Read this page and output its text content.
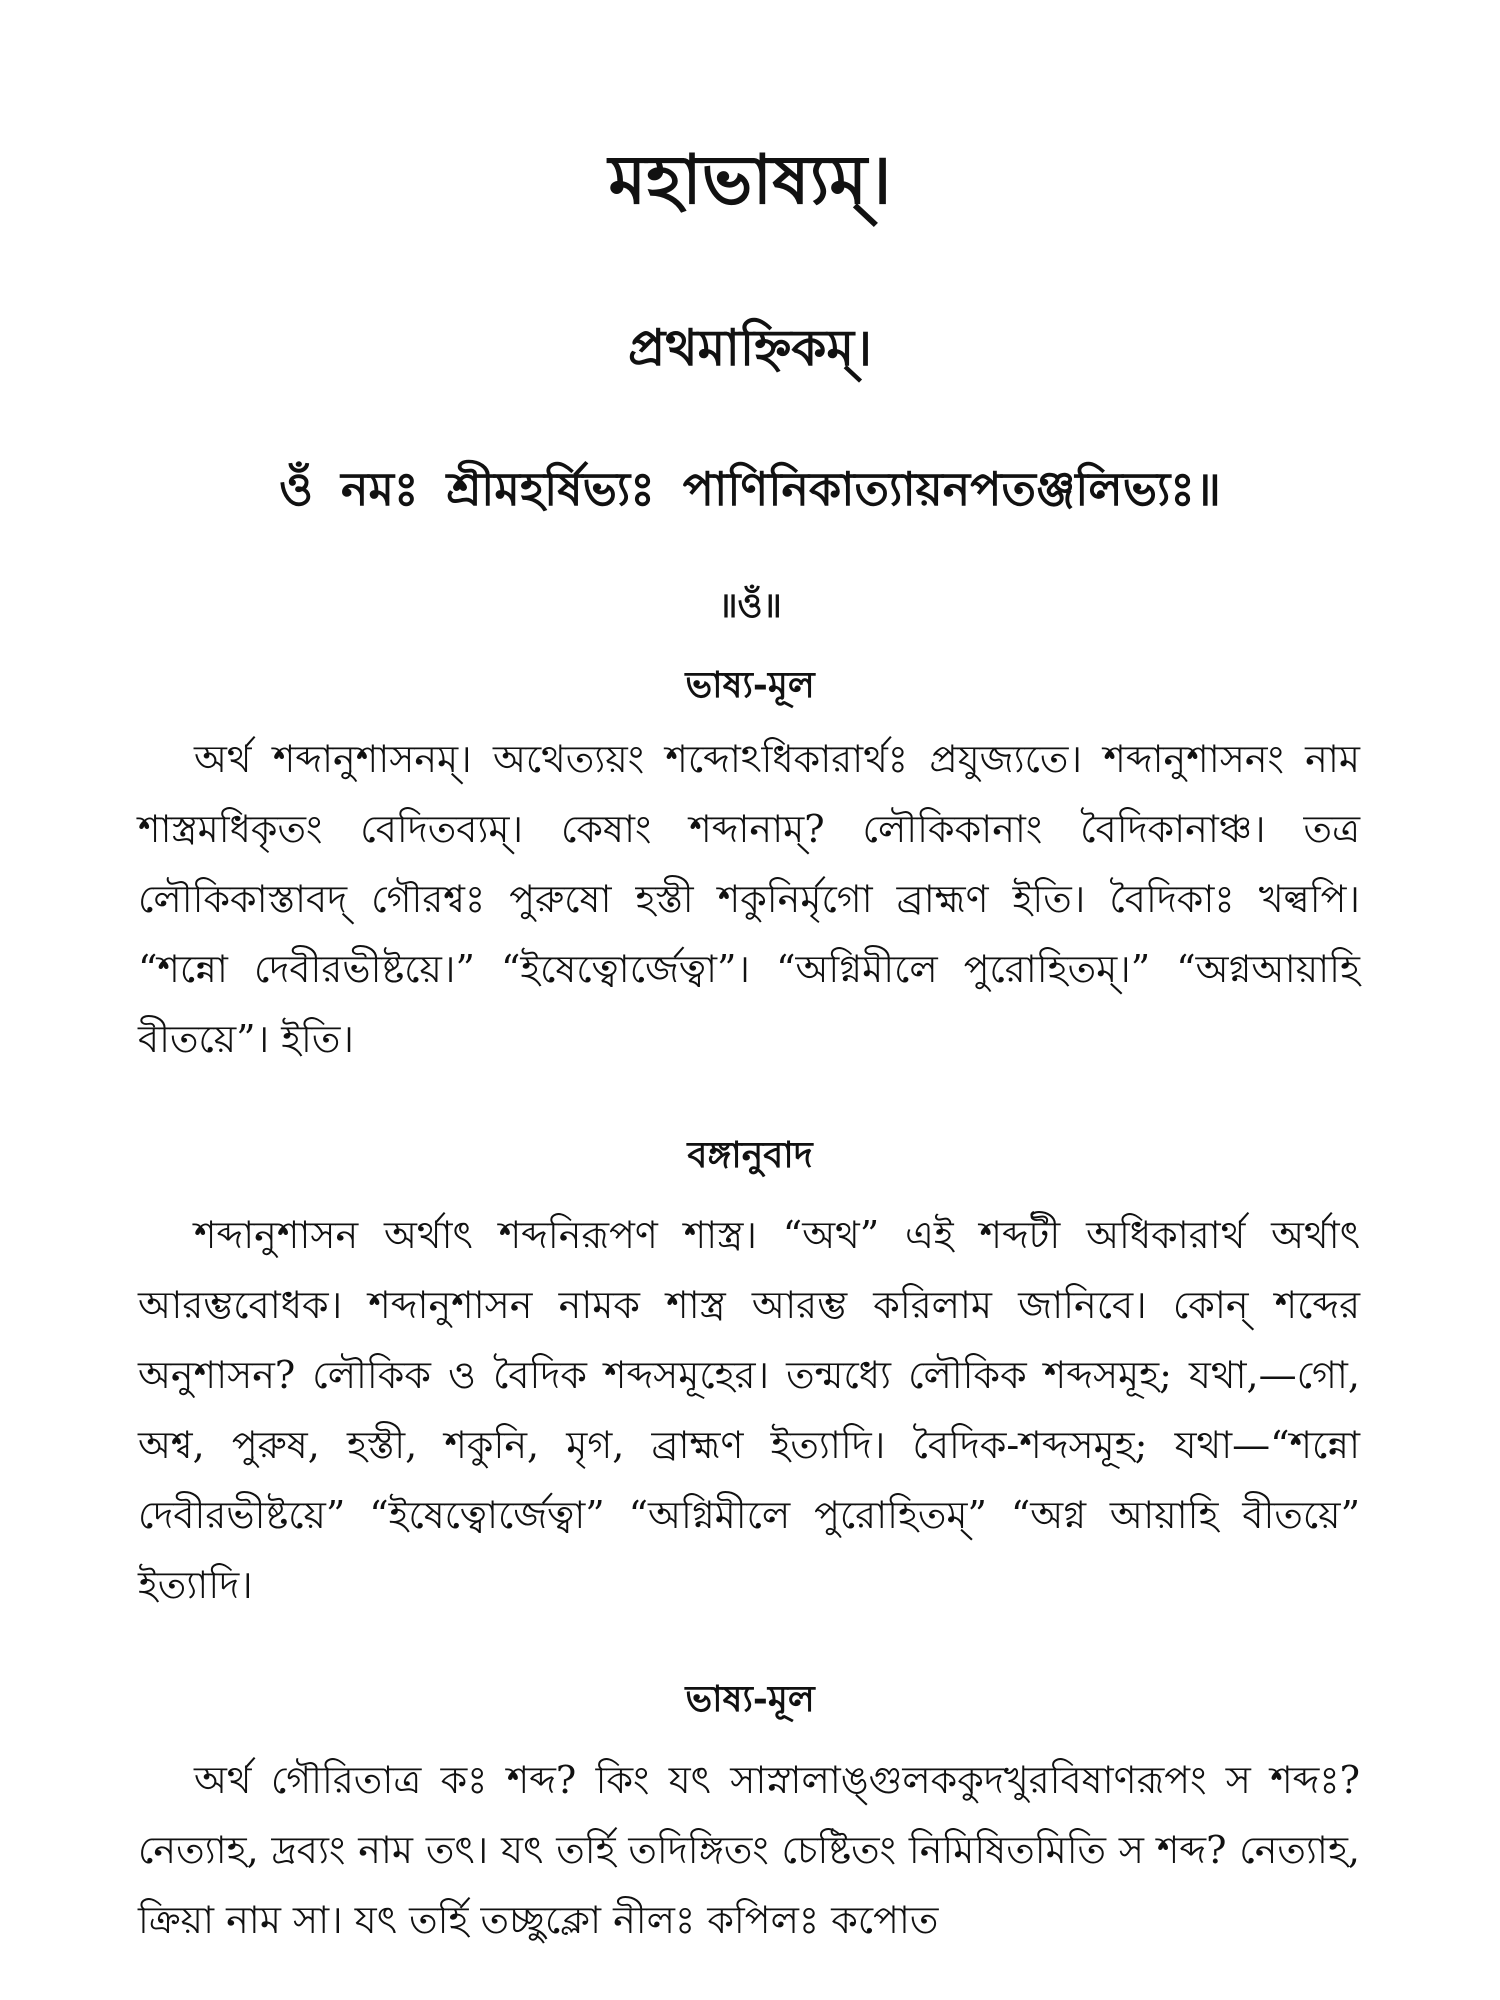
মহাভাষ্যম্।
প্রথমাহ্নিকম্।
ওঁ নমঃ শ্রীমহর্ষিভ্যঃ পাণিনিকাত্যায়নপতঞ্জলিভ্যঃ॥
॥ওঁ॥
ভাষ্য-মূল

অর্থ শব্দানুশাসনম্। অথেত্যয়ং শব্দোঽধিকারার্থঃ প্রযুজ্যতে। শব্দানুশাসনং নাম শাস্ত্রমধিকৃতং বেদিতব্যম্। কেষাং শব্দানাম্? লৌকিকানাং বৈদিকানাঞ্চ। তত্র লৌকিকাস্তাবদ্ গৌরশ্বঃ পুরুষো হস্তী শকুনির্মৃগো ব্রাহ্মণ ইতি। বৈদিকাঃ খল্বপি। “শন্নো দেবীরভীষ্টয়ে।” “ইষেত্বোর্জেত্বা”। “অগ্নিমীলে পুরোহিতম্।” “অগ্নআয়াহি বীতয়ে”। ইতি।

বঙ্গানুবাদ

শব্দানুশাসন অর্থাৎ শব্দনিরূপণ শাস্ত্র। “অথ” এই শব্দটী অধিকারার্থ অর্থাৎ আরম্ভবোধক। শব্দানুশাসন নামক শাস্ত্র আরম্ভ করিলাম জানিবে। কোন্ শব্দের অনুশাসন? লৌকিক ও বৈদিক শব্দসমূহের। তন্মধ্যে লৌকিক শব্দসমূহ; যথা,—গো, অশ্ব, পুরুষ, হস্তী, শকুনি, মৃগ, ব্রাহ্মণ ইত্যাদি। বৈদিক-শব্দসমূহ; যথা—“শন্নো দেবীরভীষ্টয়ে” “ইষেত্বোর্জেত্বা” “অগ্নিমীলে পুরোহিতম্” “অগ্ন আয়াহি বীতয়ে” ইত্যাদি।

ভাষ্য-মূল

অর্থ গৌরিতাত্র কঃ শব্দ? কিং যৎ সাস্নালাঙ্গুলককুদখুরবিষাণরূপং স শব্দঃ? নেত্যাহ, দ্রব্যং নাম তৎ। যৎ তর্হি তদিঙ্গিতং চেষ্টিতং নিমিষিতমিতি স শব্দ? নেত্যাহ, ক্রিয়া নাম সা। যৎ তর্হি তচ্ছুক্লো নীলঃ কপিলঃ কপোত
